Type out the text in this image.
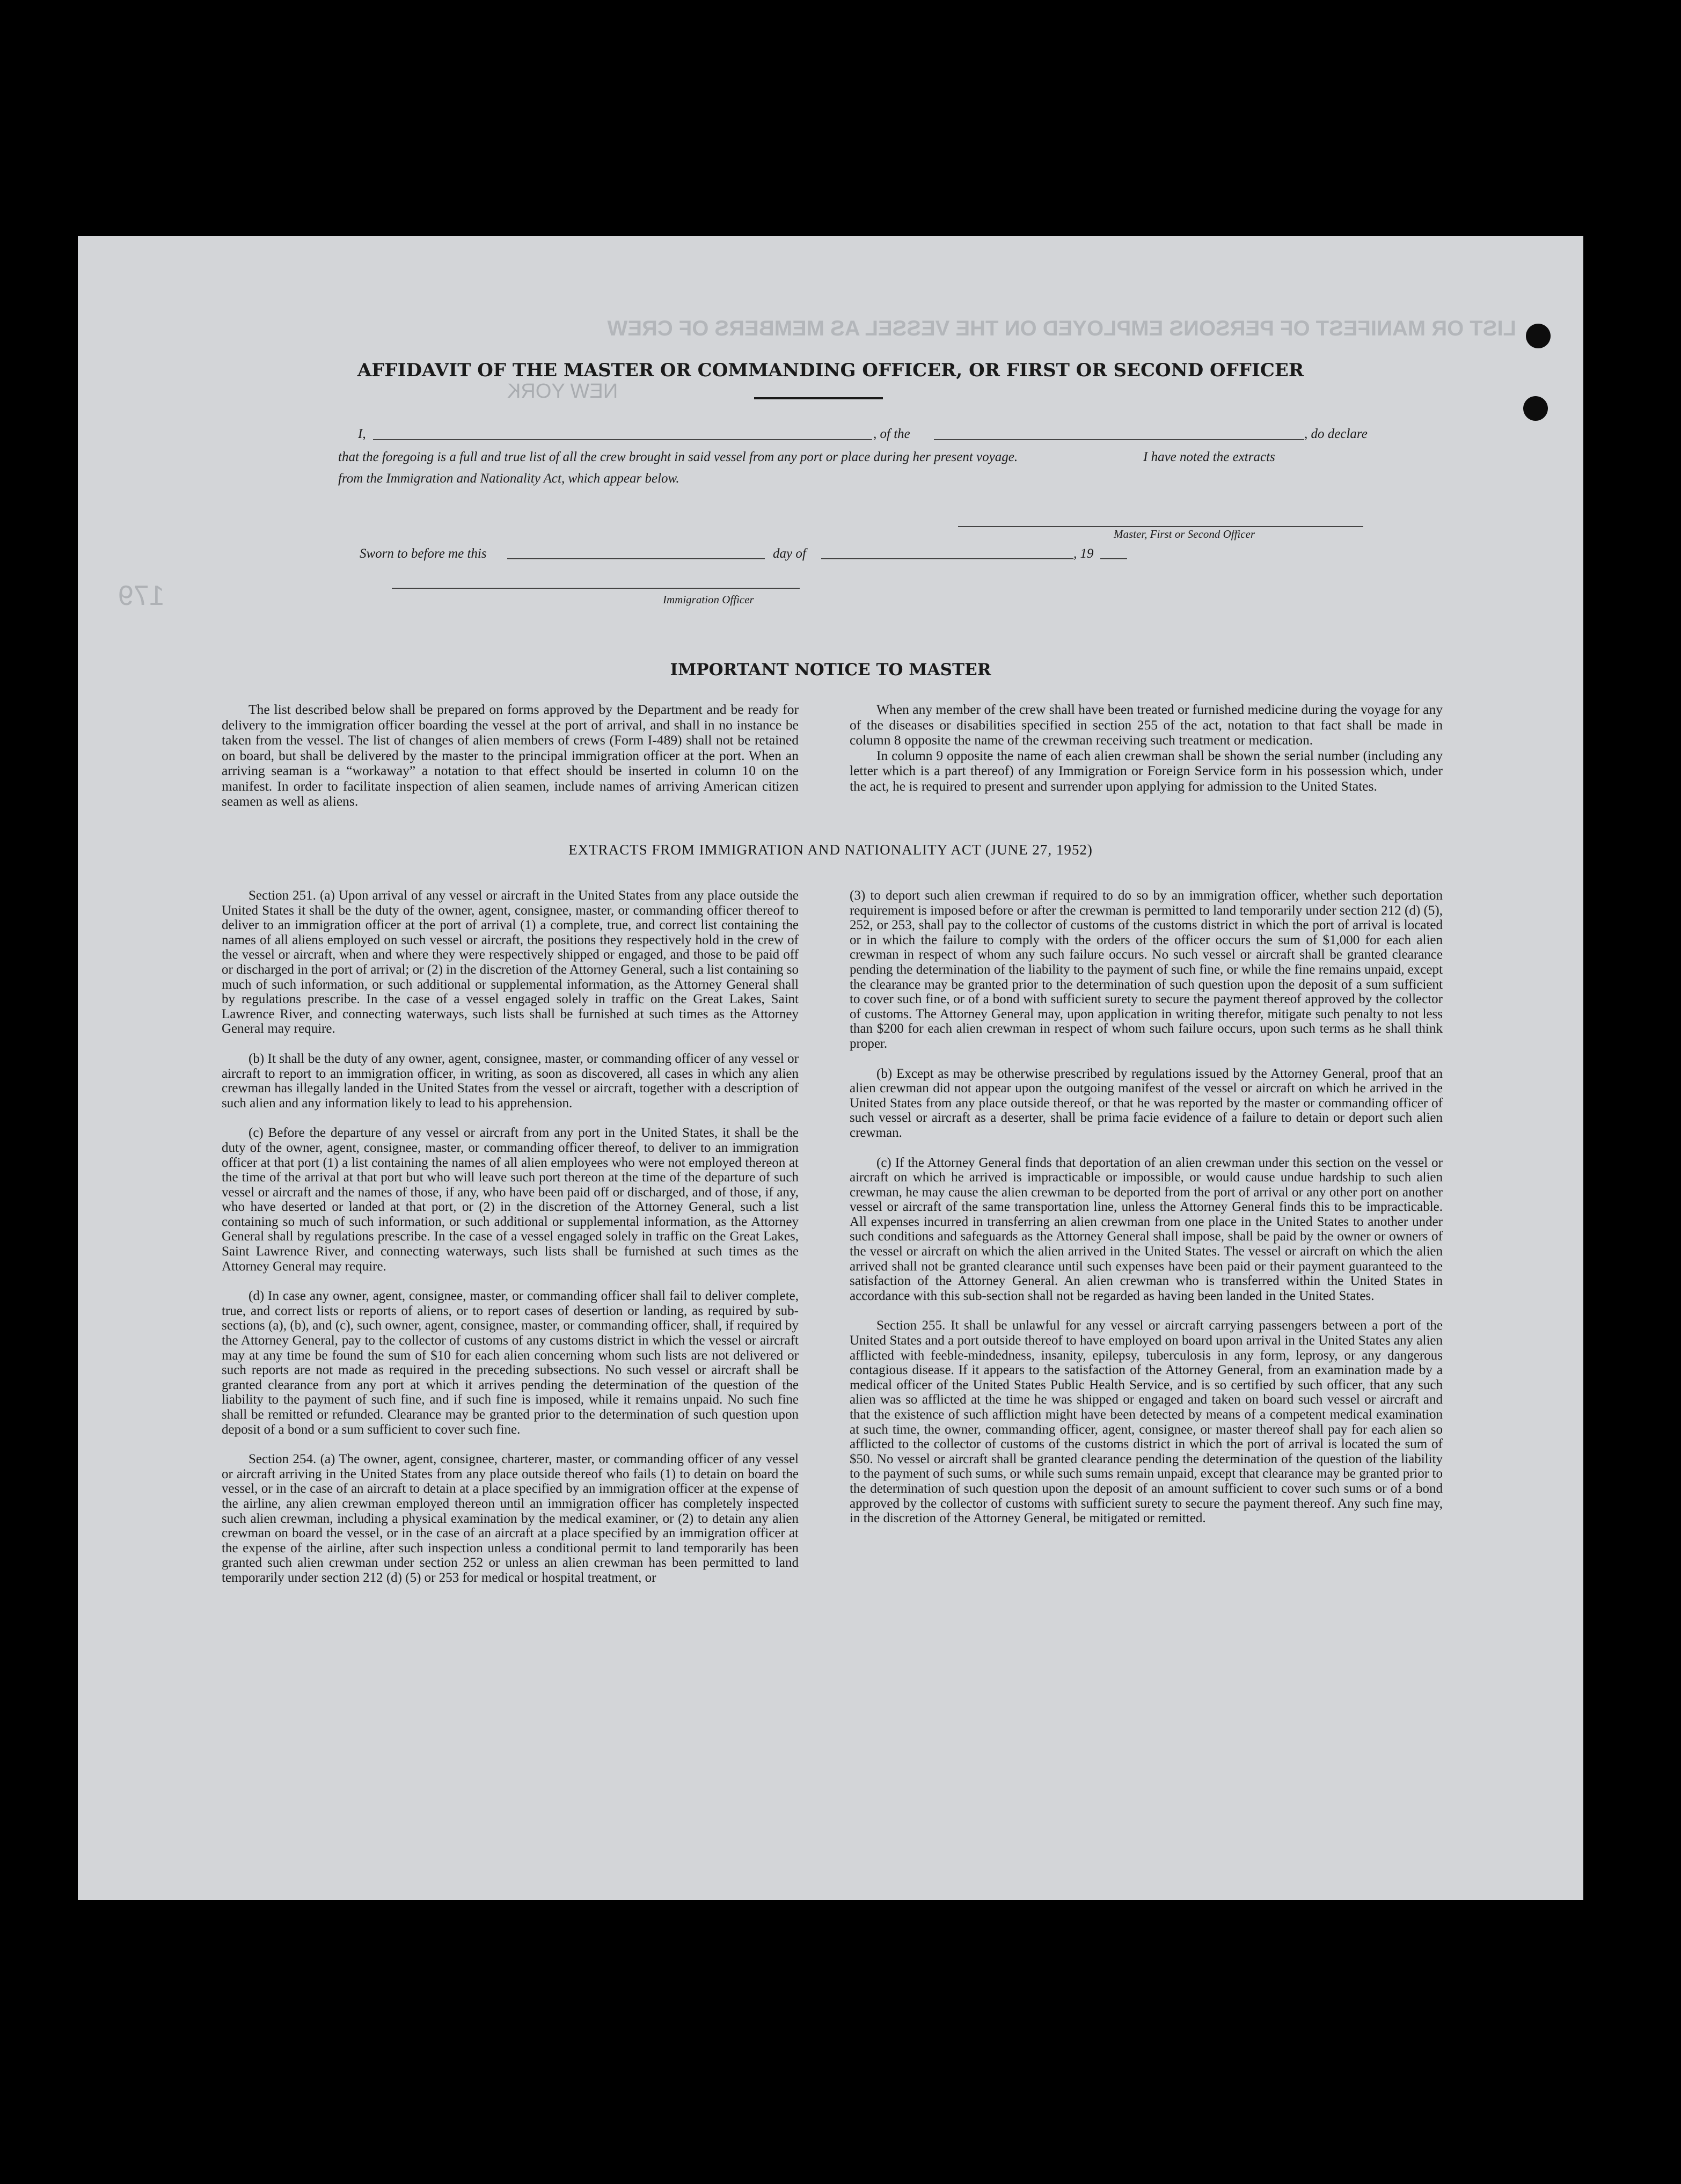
LIST OR MANIFEST OF PERSONS EMPLOYED ON THE VESSEL AS MEMBERS OF CREW
NEW YORK
179
AFFIDAVIT OF THE MASTER OR COMMANDING OFFICER, OR FIRST OR SECOND OFFICER
I,	, of the	, do declare
that the foregoing is a full and true list of all the crew brought in said vessel from any port or place during her present voyage.	I have noted the extracts
from the Immigration and Nationality Act, which appear below.
Master, First or Second Officer
Sworn to before me this	day of	, 19
Immigration Officer
IMPORTANT NOTICE TO MASTER

The list described below shall be prepared on forms approved by the Department and be ready for delivery to the immigration officer boarding the vessel at the port of arrival, and shall in no instance be taken from the vessel. The list of changes of alien members of crews (Form I-489) shall not be retained on board, but shall be delivered by the master to the principal immigration officer at the port. When an arriving seaman is a “workaway” a notation to that effect should be inserted in column 10 on the manifest. In order to facilitate inspection of alien seamen, include names of arriving American citizen seamen as well as aliens.

When any member of the crew shall have been treated or furnished medicine during the voyage for any of the diseases or disabilities specified in section 255 of the act, notation to that fact shall be made in column 8 opposite the name of the crewman receiving such treatment or medication.

In column 9 opposite the name of each alien crewman shall be shown the serial number (including any letter which is a part thereof) of any Immigration or Foreign Service form in his possession which, under the act, he is required to present and surrender upon applying for admission to the United States.

EXTRACTS FROM IMMIGRATION AND NATIONALITY ACT (JUNE 27, 1952)

Section 251. (a) Upon arrival of any vessel or aircraft in the United States from any place outside the United States it shall be the duty of the owner, agent, consignee, master, or commanding officer thereof to deliver to an immigration officer at the port of arrival (1) a complete, true, and correct list containing the names of all aliens employed on such vessel or aircraft, the positions they respectively hold in the crew of the vessel or aircraft, when and where they were respectively shipped or engaged, and those to be paid off or discharged in the port of arrival; or (2) in the discretion of the Attorney General, such a list containing so much of such information, or such additional or supplemental information, as the Attorney General shall by regulations prescribe. In the case of a vessel engaged solely in traffic on the Great Lakes, Saint Lawrence River, and connecting waterways, such lists shall be furnished at such times as the Attorney General may require.

(b) It shall be the duty of any owner, agent, consignee, master, or commanding officer of any vessel or aircraft to report to an immigration officer, in writing, as soon as discovered, all cases in which any alien crewman has illegally landed in the United States from the vessel or aircraft, together with a description of such alien and any information likely to lead to his apprehension.

(c) Before the departure of any vessel or aircraft from any port in the United States, it shall be the duty of the owner, agent, consignee, master, or commanding officer thereof, to deliver to an immigration officer at that port (1) a list containing the names of all alien employees who were not employed thereon at the time of the arrival at that port but who will leave such port thereon at the time of the departure of such vessel or aircraft and the names of those, if any, who have been paid off or discharged, and of those, if any, who have deserted or landed at that port, or (2) in the discretion of the Attorney General, such a list containing so much of such information, or such additional or supplemental information, as the Attorney General shall by regulations prescribe. In the case of a vessel engaged solely in traffic on the Great Lakes, Saint Lawrence River, and connecting waterways, such lists shall be furnished at such times as the Attorney General may require.

(d) In case any owner, agent, consignee, master, or commanding officer shall fail to deliver complete, true, and correct lists or reports of aliens, or to report cases of desertion or landing, as required by sub-sections (a), (b), and (c), such owner, agent, consignee, master, or commanding officer, shall, if required by the Attorney General, pay to the collector of customs of any customs district in which the vessel or aircraft may at any time be found the sum of $10 for each alien concerning whom such lists are not delivered or such reports are not made as required in the preceding subsections. No such vessel or aircraft shall be granted clearance from any port at which it arrives pending the determination of the question of the liability to the payment of such fine, and if such fine is imposed, while it remains unpaid. No such fine shall be remitted or refunded. Clearance may be granted prior to the determination of such question upon deposit of a bond or a sum sufficient to cover such fine.

Section 254. (a) The owner, agent, consignee, charterer, master, or commanding officer of any vessel or aircraft arriving in the United States from any place outside thereof who fails (1) to detain on board the vessel, or in the case of an aircraft to detain at a place specified by an immigration officer at the expense of the airline, any alien crewman employed thereon until an immigration officer has completely inspected such alien crewman, including a physical examination by the medical examiner, or (2) to detain any alien crewman on board the vessel, or in the case of an aircraft at a place specified by an immigration officer at the expense of the airline, after such inspection unless a conditional permit to land temporarily has been granted such alien crewman under section 252 or unless an alien crewman has been permitted to land temporarily under section 212 (d) (5) or 253 for medical or hospital treatment, or

(3) to deport such alien crewman if required to do so by an immigration officer, whether such deportation requirement is imposed before or after the crewman is permitted to land temporarily under section 212 (d) (5), 252, or 253, shall pay to the collector of customs of the customs district in which the port of arrival is located or in which the failure to comply with the orders of the officer occurs the sum of $1,000 for each alien crewman in respect of whom any such failure occurs. No such vessel or aircraft shall be granted clearance pending the determination of the liability to the payment of such fine, or while the fine remains unpaid, except the clearance may be granted prior to the determination of such question upon the deposit of a sum sufficient to cover such fine, or of a bond with sufficient surety to secure the payment thereof approved by the collector of customs. The Attorney General may, upon application in writing therefor, mitigate such penalty to not less than $200 for each alien crewman in respect of whom such failure occurs, upon such terms as he shall think proper.

(b) Except as may be otherwise prescribed by regulations issued by the Attorney General, proof that an alien crewman did not appear upon the outgoing manifest of the vessel or aircraft on which he arrived in the United States from any place outside thereof, or that he was reported by the master or commanding officer of such vessel or aircraft as a deserter, shall be prima facie evidence of a failure to detain or deport such alien crewman.

(c) If the Attorney General finds that deportation of an alien crewman under this section on the vessel or aircraft on which he arrived is impracticable or impossible, or would cause undue hardship to such alien crewman, he may cause the alien crewman to be deported from the port of arrival or any other port on another vessel or aircraft of the same transportation line, unless the Attorney General finds this to be impracticable. All expenses incurred in transferring an alien crewman from one place in the United States to another under such conditions and safeguards as the Attorney General shall impose, shall be paid by the owner or owners of the vessel or aircraft on which the alien arrived in the United States. The vessel or aircraft on which the alien arrived shall not be granted clearance until such expenses have been paid or their payment guaranteed to the satisfaction of the Attorney General. An alien crewman who is transferred within the United States in accordance with this sub-section shall not be regarded as having been landed in the United States.

Section 255. It shall be unlawful for any vessel or aircraft carrying passengers between a port of the United States and a port outside thereof to have employed on board upon arrival in the United States any alien afflicted with feeble-mindedness, insanity, epilepsy, tuberculosis in any form, leprosy, or any dangerous contagious disease. If it appears to the satisfaction of the Attorney General, from an examination made by a medical officer of the United States Public Health Service, and is so certified by such officer, that any such alien was so afflicted at the time he was shipped or engaged and taken on board such vessel or aircraft and that the existence of such affliction might have been detected by means of a competent medical examination at such time, the owner, commanding officer, agent, consignee, or master thereof shall pay for each alien so afflicted to the collector of customs of the customs district in which the port of arrival is located the sum of $50. No vessel or aircraft shall be granted clearance pending the determination of the question of the liability to the payment of such sums, or while such sums remain unpaid, except that clearance may be granted prior to the determination of such question upon the deposit of an amount sufficient to cover such sums or of a bond approved by the collector of customs with sufficient surety to secure the payment thereof. Any such fine may, in the discretion of the Attorney General, be mitigated or remitted.
